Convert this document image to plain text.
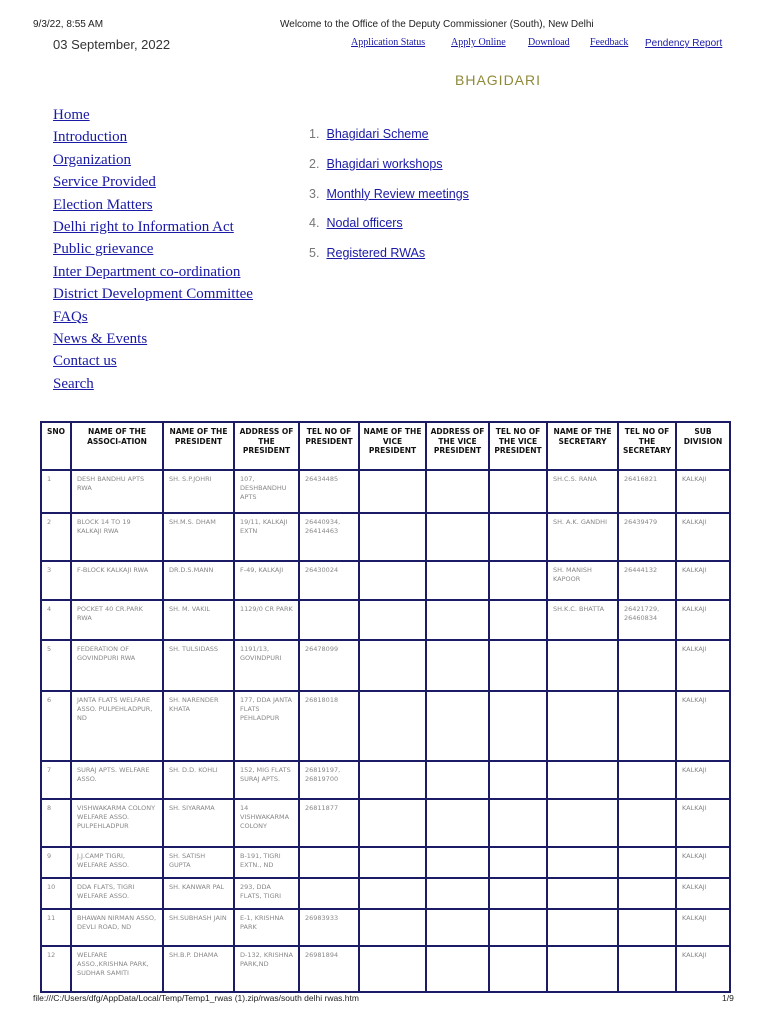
9/3/22, 8:55 AM	Welcome to the Office of the Deputy Commissioner (South), New Delhi
03 September, 2022	Application Status	Apply Online Download Feedback Pendency Report
BHAGIDARI
Home
Introduction
Organization
Service Provided
Election Matters
Delhi right to Information Act
Public grievance
Inter Department co-ordination
District Development Committee
FAQs
News & Events
Contact us
Search
1. Bhagidari Scheme
2. Bhagidari workshops
3. Monthly Review meetings
4. Nodal officers
5. Registered RWAs
SNO	NAME OF THE ASSOCI-ATION	NAME OF THE PRESIDENT	ADDRESS OF THE PRESIDENT	TEL NO OF PRESIDENT	NAME OF THE VICE PRESIDENT	ADDRESS OF THE VICE PRESIDENT	TEL NO OF THE VICE PRESIDENT	NAME OF THE SECRETARY	TEL NO OF THE SECRETARY	SUB DIVISION
1	DESH BANDHU APTS RWA	SH. S.P.JOHRI	107, DESHBANDHU APTS	26434485				SH.C.S. RANA	26416821	KALKAJI
2	BLOCK 14 TO 19 KALKAJI RWA	SH.M.S. DHAM	19/11, KALKAJI EXTN	26440934, 26414463				SH. A.K. GANDHI	26439479	KALKAJI
3	F-BLOCK KALKAJI RWA	DR.D.S.MANN	F-49, KALKAJI	26430024				SH. MANISH KAPOOR	26444132	KALKAJI
4	POCKET 40 CR.PARK RWA	SH. M. VAKIL	1129/0 CR PARK					SH.K.C. BHATTA	26421729, 26460834	KALKAJI
5	FEDERATION OF GOVINDPURI RWA	SH. TULSIDASS	1191/13, GOVINDPURI	26478099						KALKAJI
6	JANTA FLATS WELFARE ASSO. PULPEHLADPUR, ND	SH. NARENDER KHATA	177, DDA JANTA FLATS PEHLADPUR	26818018						KALKAJI
7	SURAJ APTS. WELFARE ASSO.	SH. D.D. KOHLI	152, MIG FLATS SURAJ APTS.	26819197, 26819700						KALKAJI
8	VISHWAKARMA COLONY WELFARE ASSO. PULPEHLADPUR	SH. SIYARAMA	14 VISHWAKARMA COLONY	26811877						KALKAJI
9	J.J.CAMP TIGRI, WELFARE ASSO.	SH. SATISH GUPTA	B-191, TIGRI EXTN., ND							KALKAJI
10	DDA FLATS, TIGRI WELFARE ASSO.	SH. KANWAR PAL	293, DDA FLATS, TIGRI							KALKAJI
11	BHAWAN NIRMAN ASSO, DEVLI ROAD, ND	SH.SUBHASH JAIN	E-1, KRISHNA PARK	26983933						KALKAJI
12	WELFARE ASSO.,KRISHNA PARK, SUDHAR SAMITI	SH.B.P. DHAMA	D-132, KRISHNA PARK,ND	26981894						KALKAJI
file:///C:/Users/dfg/AppData/Local/Temp/Temp1_rwas (1).zip/rwas/south delhi rwas.htm	1/9
